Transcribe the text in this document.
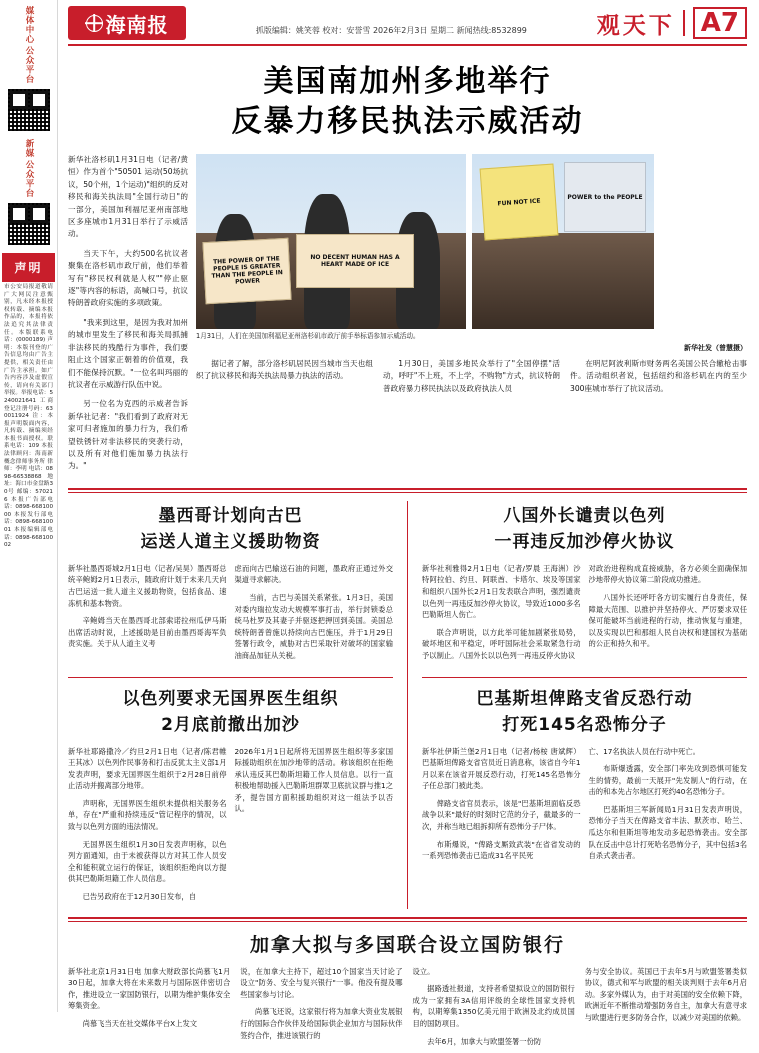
媒体中心
公众平台
新媒
公众平台
声明
市公安局报道敬请广大网民注意甄别，凡未经本报授权转载、摘编本报作品的，本报将依法追究其法律责任。本版联系电话：(0000189) 声明：本版刊登的广告信息均由广告主提供，相关责任由广告主承担。如广告内容涉及虚假宣传，请向有关部门举报。举报电话：5240021641 工商登记注册号码：630011924 注：本报声明版面内容，凡转载、摘编须经本报书面授权。联系电话：109 本报法律顾问：海南新概念律师事务所 律师：李明 电话：0898-66538868 地址：海口市金盘路30号 邮编：570216 本报广告部电话：0898-66810000 本报发行部电话：0898-66810001 本报编辑部电话：0898-66810002
海南报	抓版编辑：姚笑蓉 校对：安誉雪 2026年2月3日 星期二 新闻热线:8532899	观天下	A7
美国南加州多地举行
反暴力移民执法示威活动

新华社洛杉矶1月31日电（记者/黄恒）作为首个"50501 运动(50场抗议，50个州，1个运动)"组织的反对移民和海关执法局"全国行动日"的一部分，美国加利福尼亚州南部地区多座城市1月31日举行了示威活动。

当天下午，大约500名抗议者聚集在洛杉矶市政厅前，他们举着写有"移民权利就是人权""停止驱逐"等内容的标语，高喊口号，抗议特朗普政府实施的多项政策。

"我来到这里，是因为我对加州的城市里发生了移民和海关局抓捕非法移民的残酷行为事件，我们要阻止这个国家正朝着的价值观，我们不能保持沉默。"一位名叫玛丽的抗议者在示威游行队伍中说。

另一位名为克西的示威者告诉新华社记者："我们看到了政府对无家可归者施加的暴力行为，我们希望铁锈针对非法移民的突袭行动，以及所有对他们施加暴力执法行为。"

THE POWER OF THE PEOPLE IS GREATER THAN THE PEOPLE IN POWER
NO DECENT HUMAN HAS A HEART MADE OF ICE
FUN NOT ICE
POWER to the PEOPLE
1月31日，人们在美国加利福尼亚州洛杉矶市政厅前手举标语参加示威活动。
新华社发（曾慧摄）

据记者了解，部分洛杉矶居民因当城市当天也组织了抗议移民和海关执法局暴力执法的活动。

1月30日，美国多地民众举行了"全国停摆"活动，呼吁"不上班，不上学，不购物"方式，抗议特朗普政府暴力移民执法以及政府执法人员

在明尼阿波利斯市财务两名美国公民合辙枪击事件。活动组织者说，包括纽约和洛杉矶在内的至少300座城市举行了抗议活动。

墨西哥计划向古巴
运送人道主义援助物资

新华社墨西哥城2月1日电（记者/吴昊）墨西哥总统辛鲍姆2月1日表示，随政府计划于未来几天向古巴运送一批人道主义援助物资，包括食品、速冻机和基本物资。

辛鲍姆当天在墨西哥北部索诺拉州瓜伊马斯出席活动时说，上述援助是目前由墨西哥海军负责实施。关于从人道主义考

虑而向古巴输送石油的问题，墨政府正通过外交渠道寻求解决。

当前，古巴与美国关系紧张。1月3日，美国对委内瑞拉发动大规模军事打击，举行封锁委总统马杜罗及其妻子并驱逐把押回到美国。美国总统特朗普曾施以持续向古巴施压，并于1月29日签署行政令，威胁对古巴采取针对破坏的国家输油商品加征从关税。

以色列要求无国界医生组织
2月底前撤出加沙

新华社耶路撒冷／约旦2月1日电（记者/陈君帷 王其冰）以色列作民事务和打击反犹太主义部1月发表声明，要求无国界医生组织于2月28日前停止活动并搬离部分地带。

声明称，无国界医生组织未提供相关服务名单，存在"严重和持续违反"管记程序的情况，以致与以色列方面的违法情况。

无国界医生组织1月30日发表声明称，以色列方面通知，由于未被获得以方对其工作人员安全和能积就立运行的保证，该组织拒绝向以方提供其巴勒斯坦籍工作人员信息。

已告另政府在于12月30日发布，自

2026年1月1日起所将无国界医生组织等多家国际援助组织在加沙地带的活动。称该组织在拒绝承认违反其巴勒斯坦籍工作人员信息。以行一直积极地帮助援入巴勒斯坦群眾卫底抗议群与推1之矛，提告国方面积援助组织对这一组法予以否认。

八国外长谴责以色列
一再违反加沙停火协议

新华社利雅得2月1日电（记者/罗晨 王海洲）沙特阿拉伯、约旦、阿联酋、卡塔尔、埃及等国家和组织八国外长2月1日发表联合声明，强烈谴责以色列一再违反加沙停火协议，导致近1000多名巴勒斯坦人伤亡。

联合声明说，以方此举可能加剧紧张局势，破坏地区和平稳定，呼吁国际社会采取紧急行动予以制止。八国外长以以色列一再违反停火协议

对政治进程构成直接威胁，各方必须全面确保加沙地带停火协议第二阶段成功推进。

八国外长还呼吁各方切实履行自身责任，保障最大范围、以推护并坚持停火、严厉要求双任保可能破坏当前进程的行动，推动恢复与重建，以及实现以巴和那组人民自决权和建国权为基础的公正和持久和平。

巴基斯坦俾路支省反恐行动
打死145名恐怖分子

新华社伊斯兰堡2月1日电（记者/杨桉 唐斌辉）巴基斯坦俾路支省官员近日消息称，该省自今年1月以来在该省开展反恐行动，打死145名恐怖分子任总部门被此类。

俾路支省官员表示，该是"巴基斯坦面临反恐战争以来"最好的时刻时它范的分子，截最多的一次，并称当地已组拆抑所有恐怖分子尸体。

布斯爆说，"俾路支厮致武装"在省省发动的一系列恐怖袭击已造成31名平民死

亡、17名执法人员在行动中死亡。

布斯爆透露，安全部门率先攻到恐惧可能发生的情势，最前一天展开"先发制人"的行动，在击的和本先占尔地区打死约40名恐怖分子。

巴基斯坦三军新闻局1月31日发表声明说，恐怖分子当天在俾路支省丰法、默茨市、哈兰、瓜达尔和但斯坦等地发动多起恐怖袭击。安全部队在反击中总计打死哈名恐怖分子，其中包括3名自杀式袭击者。

加拿大拟与多国联合设立国防银行

新华社北京1月31日电 加拿大财政部长尚慕飞1月30日起，加拿大将在未来数月与国际医伴密切合作，推进设立一家国防银行，以期为维护集体安全筹集资金。

尚慕飞当天在社交媒体平台X上发文

说，在加拿大主持下，超过10个国家当天讨论了设立"防务、安全与复兴银行"一事。他没有提及哪些国家参与讨论。

尚慕飞还说，这家银行将为加拿大资业发展银行的国际合作伙伴及给国际供企业加方与国际伙伴签约合作，推进该银行的

设立。

据路透社报道，支持者希望拟设立的国防银行成为一家拥有3A信用评级的全球性国家支持机构，以期筹集1350亿美元用于欧洲及北约成员国目的国防项目。

去年6月，加拿大与欧盟签署一份防

务与安全协议。英国已于去年5月与欧盟签署类似协议，德式和军与欧盟的相关谈判则于去年6月启动。多家外媒认为，由于对美国的安全依赖下降，欧洲近年不断推动增强防务自主，加拿大有意寻求与欧盟进行更多防务合作，以减少对美国的依赖。
